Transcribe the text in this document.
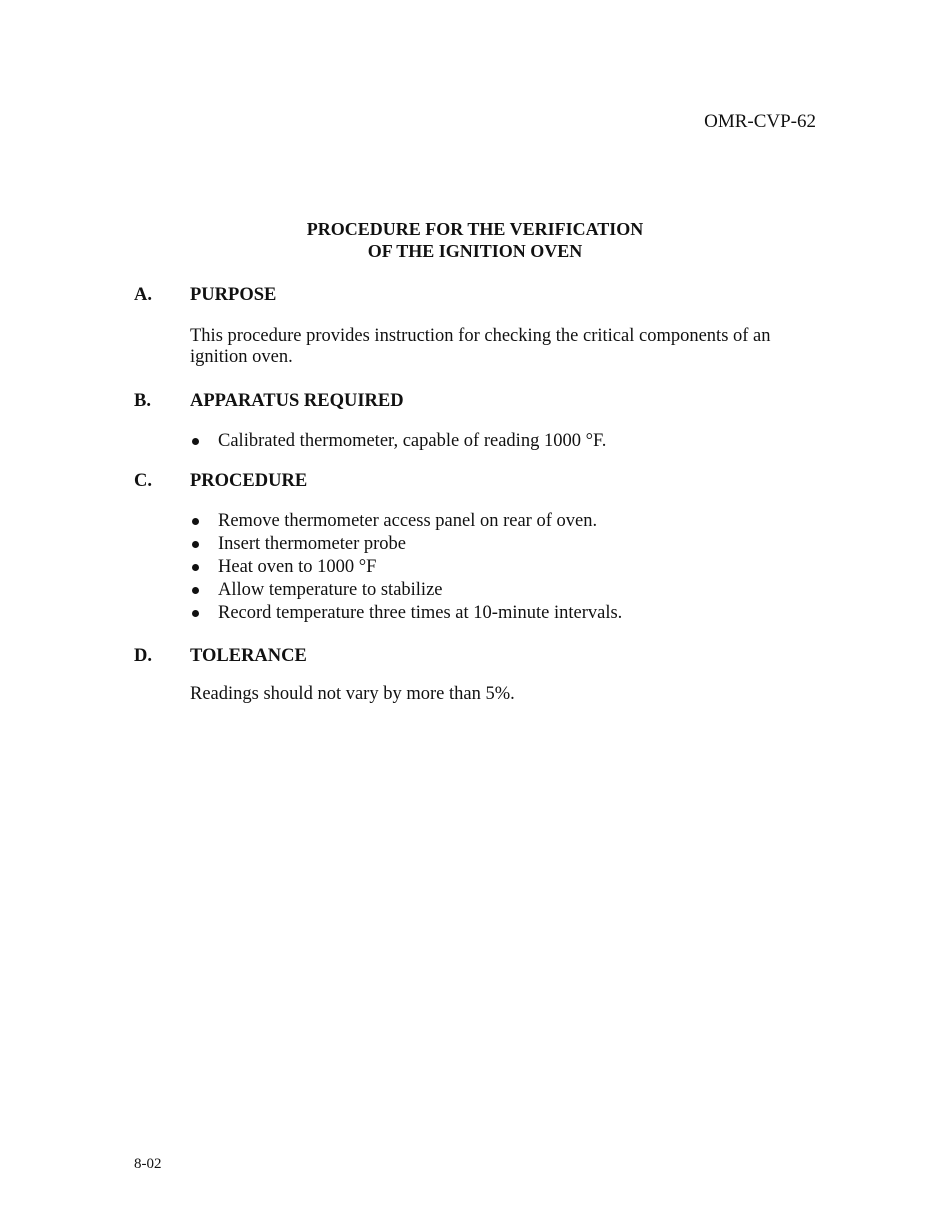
OMR-CVP-62
PROCEDURE FOR THE VERIFICATION
OF THE IGNITION OVEN
A. PURPOSE
This procedure provides instruction for checking the critical components of an
ignition oven.
B. APPARATUS REQUIRED
Calibrated thermometer, capable of reading 1000 °F.
C. PROCEDURE
Remove thermometer access panel on rear of oven.
Insert thermometer probe
Heat oven to 1000 °F
Allow temperature to stabilize
Record temperature three times at 10-minute intervals.
D. TOLERANCE
Readings should not vary by more than 5%.
8-02
